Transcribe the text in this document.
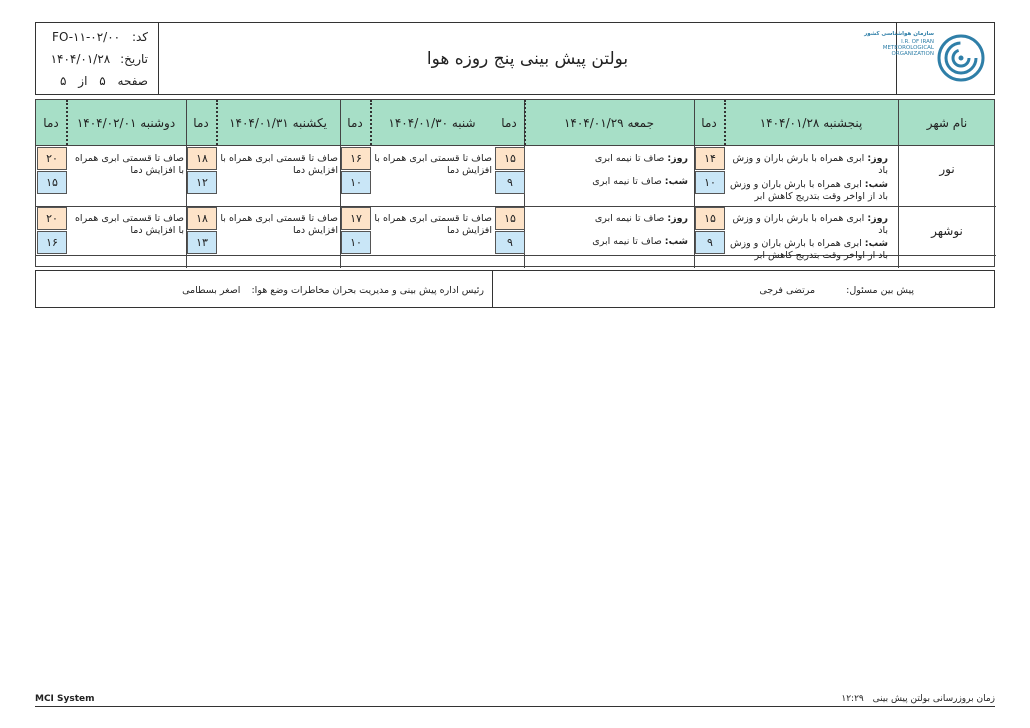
کد: FO-۱۱-۰۲/۰۰
تاریخ: ۱۴۰۴/۰۱/۲۸
صفحه ۵ از ۵
بولتن پیش بینی پنج روزه هوا
سازمان هواشناسی کشور
I.R. OF IRAN
METEOROLOGICAL
ORGANIZATION
نام شهر
پنجشنبه ۱۴۰۴/۰۱/۲۸
دما
جمعه ۱۴۰۴/۰۱/۲۹
دما
شنبه ۱۴۰۴/۰۱/۳۰
دما
یکشنبه ۱۴۰۴/۰۱/۳۱
دما
دوشنبه ۱۴۰۴/۰۲/۰۱
دما
نور
روز: ابری همراه با بارش باران و وزش باد
شب: ابری همراه با بارش باران و وزش باد از اواخر وقت بتدریج کاهش ابر
۱۴
۱۰
روز: صاف تا نیمه ابری
شب: صاف تا نیمه ابری
۱۵
۹
صاف تا قسمتی ابری همراه با افزایش دما
۱۶
۱۰
صاف تا قسمتی ابری همراه با افزایش دما
۱۸
۱۲
صاف تا قسمتی ابری همراه با افزایش دما
۲۰
۱۵
نوشهر
روز: ابری همراه با بارش باران و وزش باد
شب: ابری همراه با بارش باران و وزش باد از اواخر وقت بتدریج کاهش ابر
۱۵
۹
روز: صاف تا نیمه ابری
شب: صاف تا نیمه ابری
۱۵
۹
صاف تا قسمتی ابری همراه با افزایش دما
۱۷
۱۰
صاف تا قسمتی ابری همراه با افزایش دما
۱۸
۱۳
صاف تا قسمتی ابری همراه با افزایش دما
۲۰
۱۶
پیش بین مسئول: مرتضی فرجی
رئیس اداره پیش بینی و مدیریت بحران مخاطرات وضع هوا: اصغر بسطامی
MCI System	زمان بروزرسانی بولتن پیش بینی ۱۲:۲۹
